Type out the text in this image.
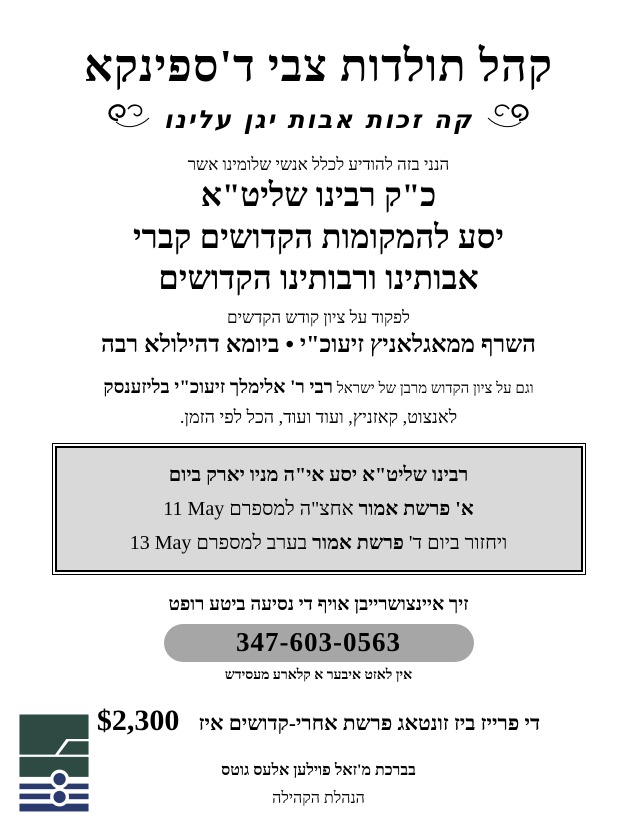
קהל תולדות צבי ד'ספינקא
קה זכות אבות יגן עלינו
הנני בזה להודיע לכלל אנשי שלומינו אשר
כ"ק רבינו שליט"א
יסע להמקומות הקדושים קברי
אבותינו ורבותינו הקדושים
לפקוד על ציון קודש הקדשים
השרף ממאגלאניץ זיעוכ"י • ביומא דהילולא רבה
וגם על ציון הקדוש מרבן של ישראל רבי ר' אלימלך זיעוכ"י בליזענסק
לאנצוט, קאזניץ, ועוד ועוד, הכל לפי הזמן.
רבינו שליט"א יסע אי"ה מניו יארק ביום
א' פרשת אמור אחצ"ה למספרם 11 May
ויחזור ביום ד' פרשת אמור בערב למספרם 13 May
זיך איינצושרייבן אויף די נסיעה ביטע רופט
347-603-0563
אין לאזט איבער א קלארע מעסידש
די פרייז ביז זונטאג פרשת אחרי-קדושים איז $2,300
בברכת מ'זאל פוילען אלעס גוטס
הנהלת הקהילה
